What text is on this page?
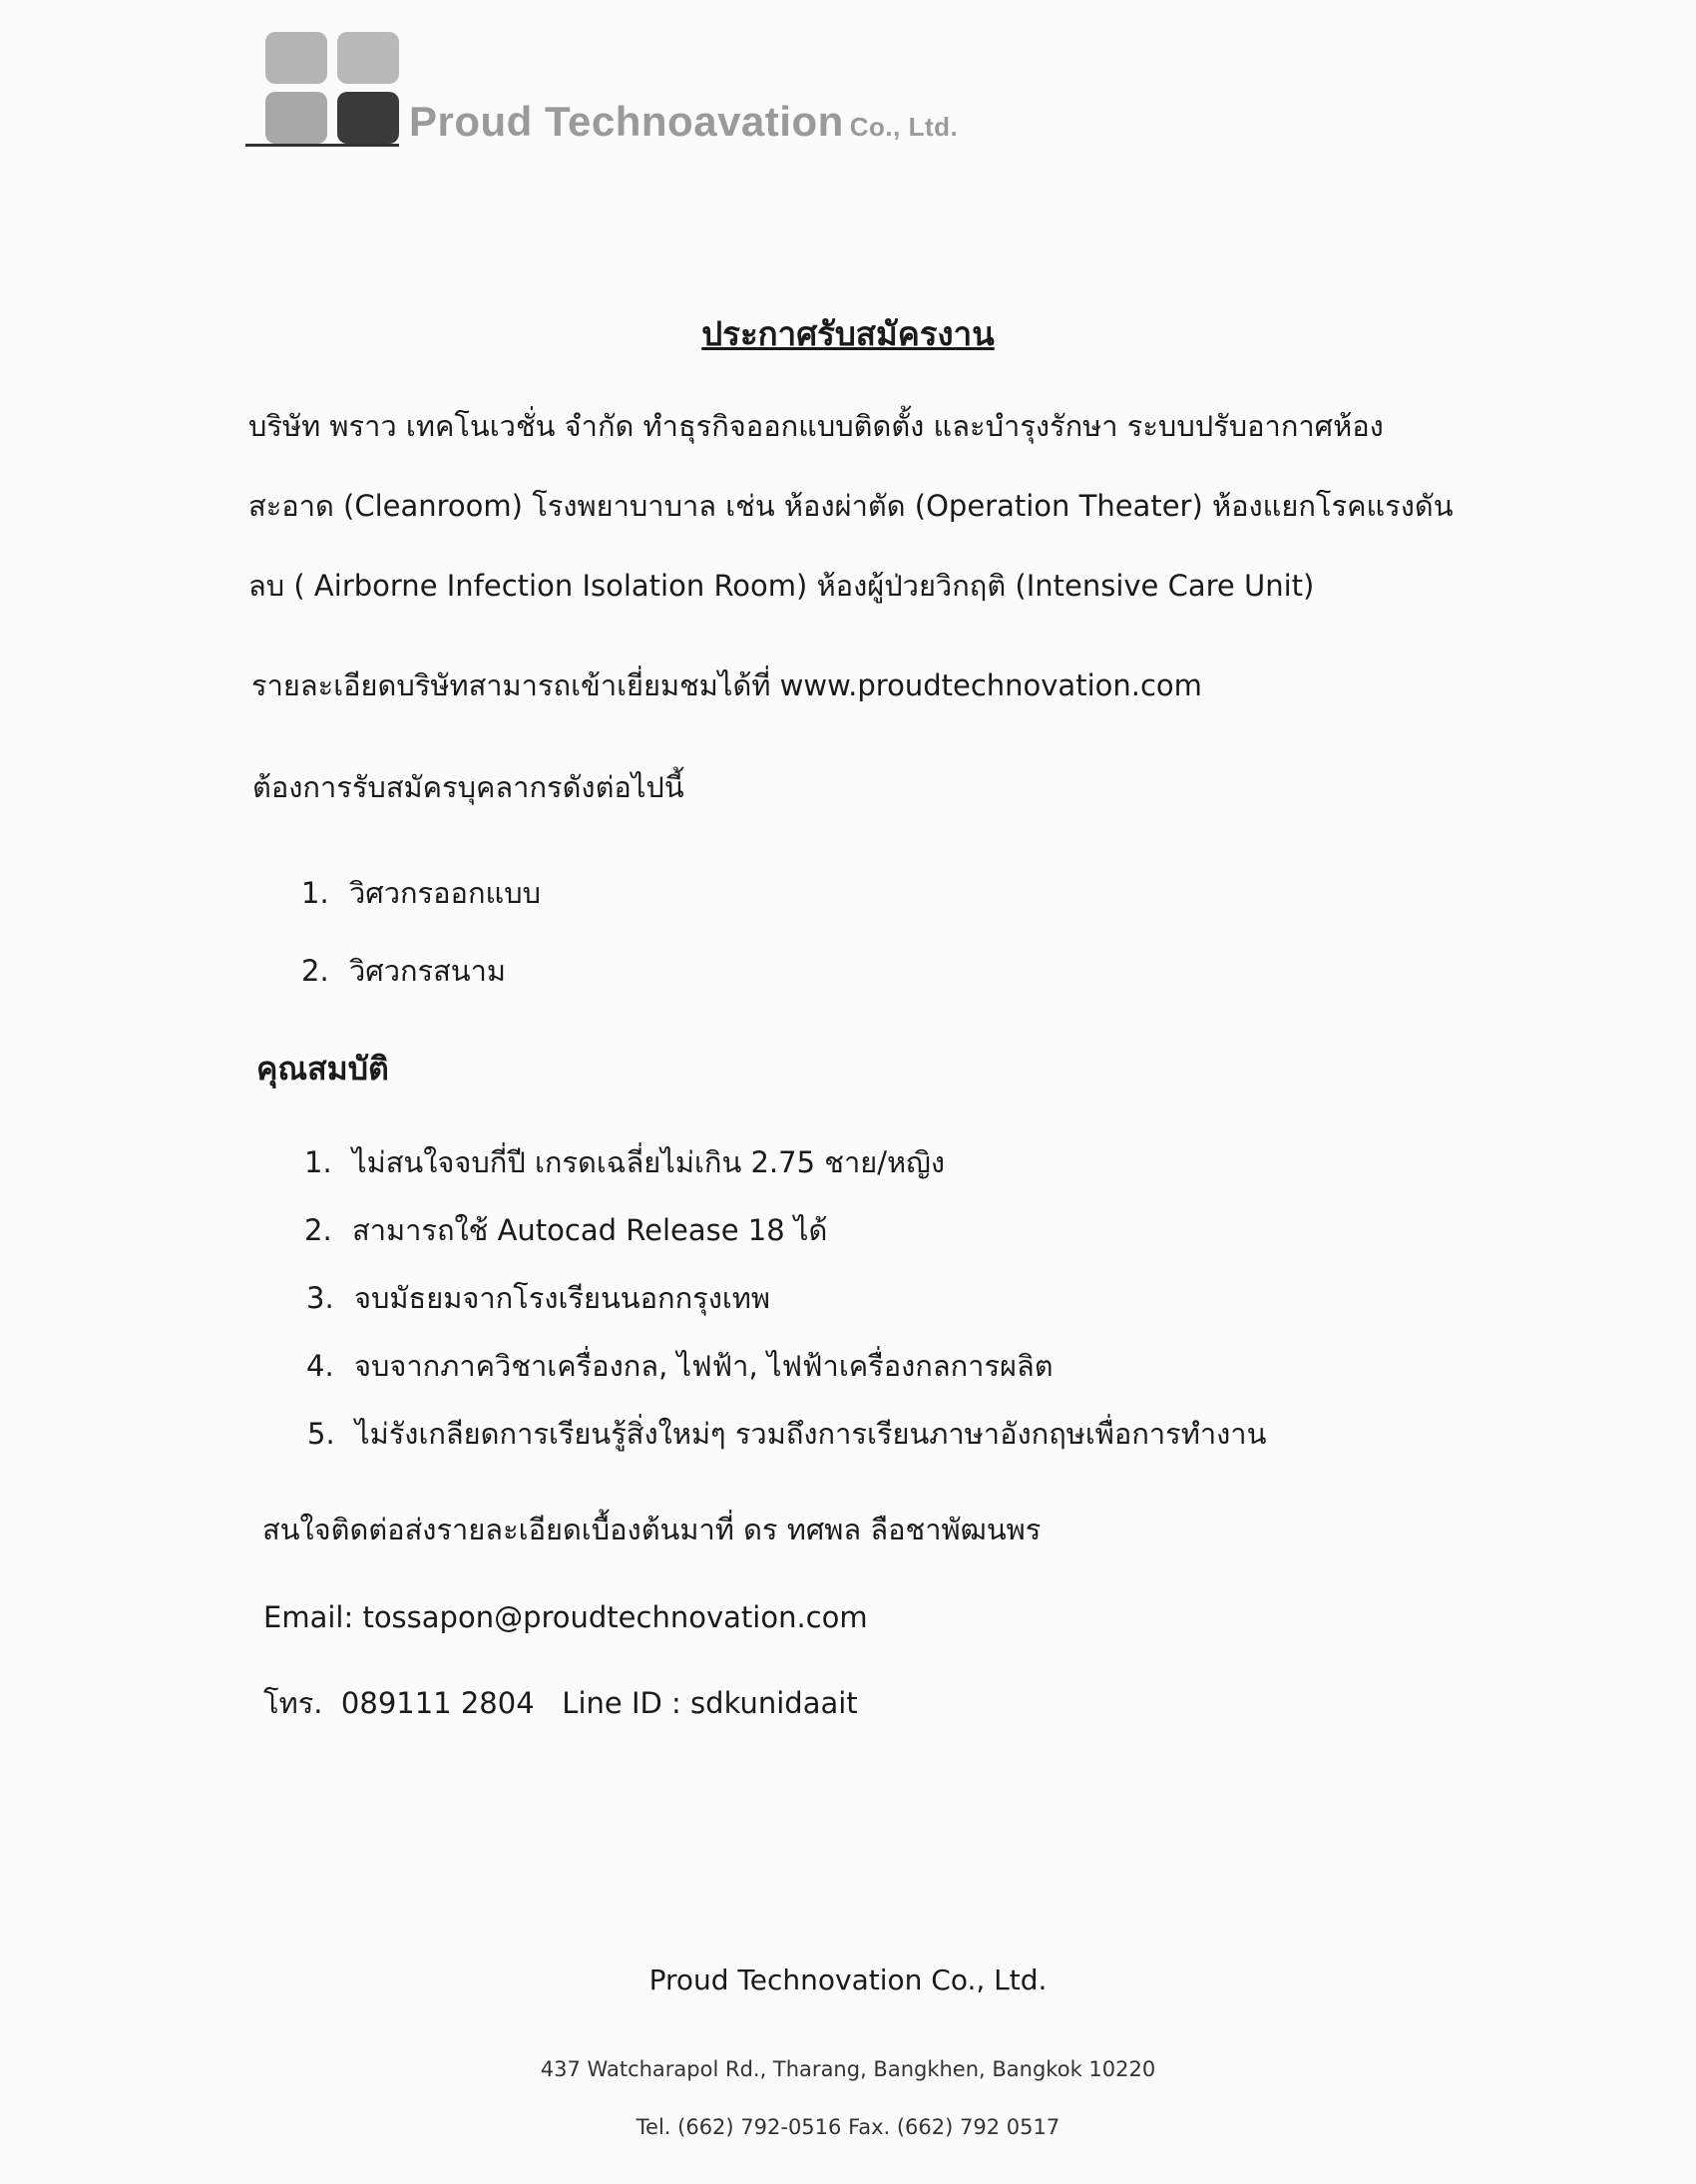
Proud Technoavation Co., Ltd.
ประกาศรับสมัครงาน
บริษัท พราว เทคโนเวชั่น จำกัด ทำธุรกิจออกแบบติดตั้ง และบำรุงรักษา ระบบปรับอากาศห้อง
สะอาด (Cleanroom) โรงพยาบาบาล เช่น ห้องผ่าตัด (Operation Theater) ห้องแยกโรคแรงดัน
ลบ ( Airborne Infection Isolation Room) ห้องผู้ป่วยวิกฤติ (Intensive Care Unit)
รายละเอียดบริษัทสามารถเข้าเยี่ยมชมได้ที่ www.proudtechnovation.com
ต้องการรับสมัครบุคลากรดังต่อไปนี้
1. วิศวกรออกแบบ
2. วิศวกรสนาม
คุณสมบัติ
1. ไม่สนใจจบกี่ปี เกรดเฉลี่ยไม่เกิน 2.75 ชาย/หญิง
2. สามารถใช้ Autocad Release 18 ได้
3. จบมัธยมจากโรงเรียนนอกกรุงเทพ
4. จบจากภาควิชาเครื่องกล, ไฟฟ้า, ไฟฟ้าเครื่องกลการผลิต
5. ไม่รังเกลียดการเรียนรู้สิ่งใหม่ๆ รวมถึงการเรียนภาษาอังกฤษเพื่อการทำงาน
สนใจติดต่อส่งรายละเอียดเบื้องต้นมาที่ ดร ทศพล ลือชาพัฒนพร
Email: tossapon@proudtechnovation.com
โทร.  089111 2804   Line ID : sdkunidaait
Proud Technovation Co., Ltd.
437 Watcharapol Rd., Tharang, Bangkhen, Bangkok 10220
Tel. (662) 792-0516 Fax. (662) 792 0517
